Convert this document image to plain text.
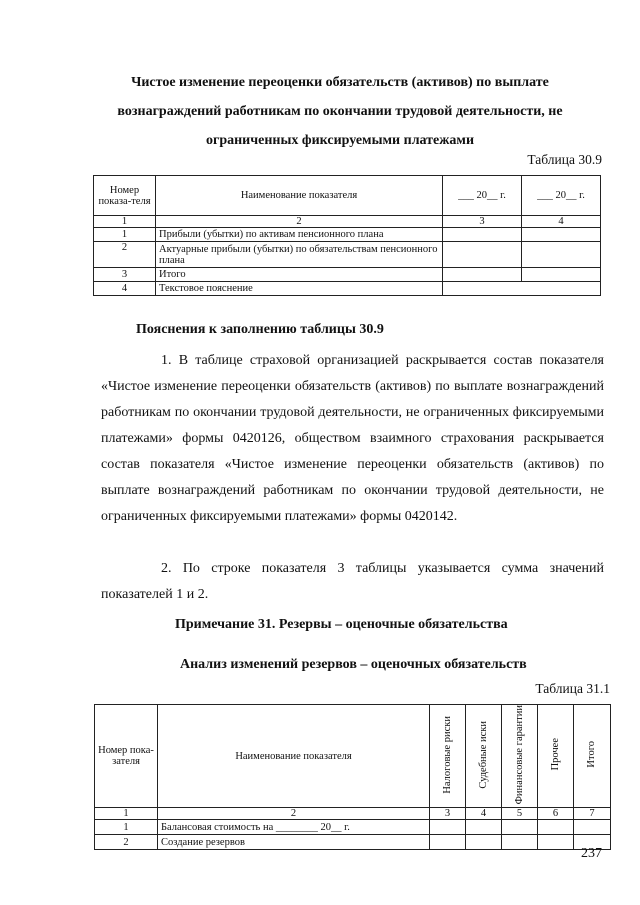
Чистое изменение переоценки обязательств (активов) по выплате
вознаграждений работникам по окончании трудовой деятельности, не
ограниченных фиксируемыми платежами
Таблица 30.9
Номер показа-теля	Наименование показателя	___ 20__ г.	___ 20__ г.
1	2	3	4
1	Прибыли (убытки) по активам пенсионного плана		
2	Актуарные прибыли (убытки) по обязательствам пенсионного плана		
3	Итого		
4	Текстовое пояснение		
Пояснения к заполнению таблицы 30.9
1. В таблице страховой организацией раскрывается состав показателя «Чистое изменение переоценки обязательств (активов) по выплате вознаграждений работникам по окончании трудовой деятельности, не ограниченных фиксируемыми платежами» формы 0420126, обществом взаимного страхования раскрывается состав показателя «Чистое изменение переоценки обязательств (активов) по выплате вознаграждений работникам по окончании трудовой деятельности, не ограниченных фиксируемыми платежами» формы 0420142.
2. По строке показателя 3 таблицы указывается сумма значений показателей 1 и 2.
Примечание 31. Резервы – оценочные обязательства
Анализ изменений резервов – оценочных обязательств
Таблица 31.1
Номер пока-зателя	Наименование показателя	Налоговые риски	Судебные иски	Финансовые гарантии	Прочее	Итого
1	2	3	4	5	6	7
1	Балансовая стоимость на ________ 20__ г.					
2	Создание резервов					
237
